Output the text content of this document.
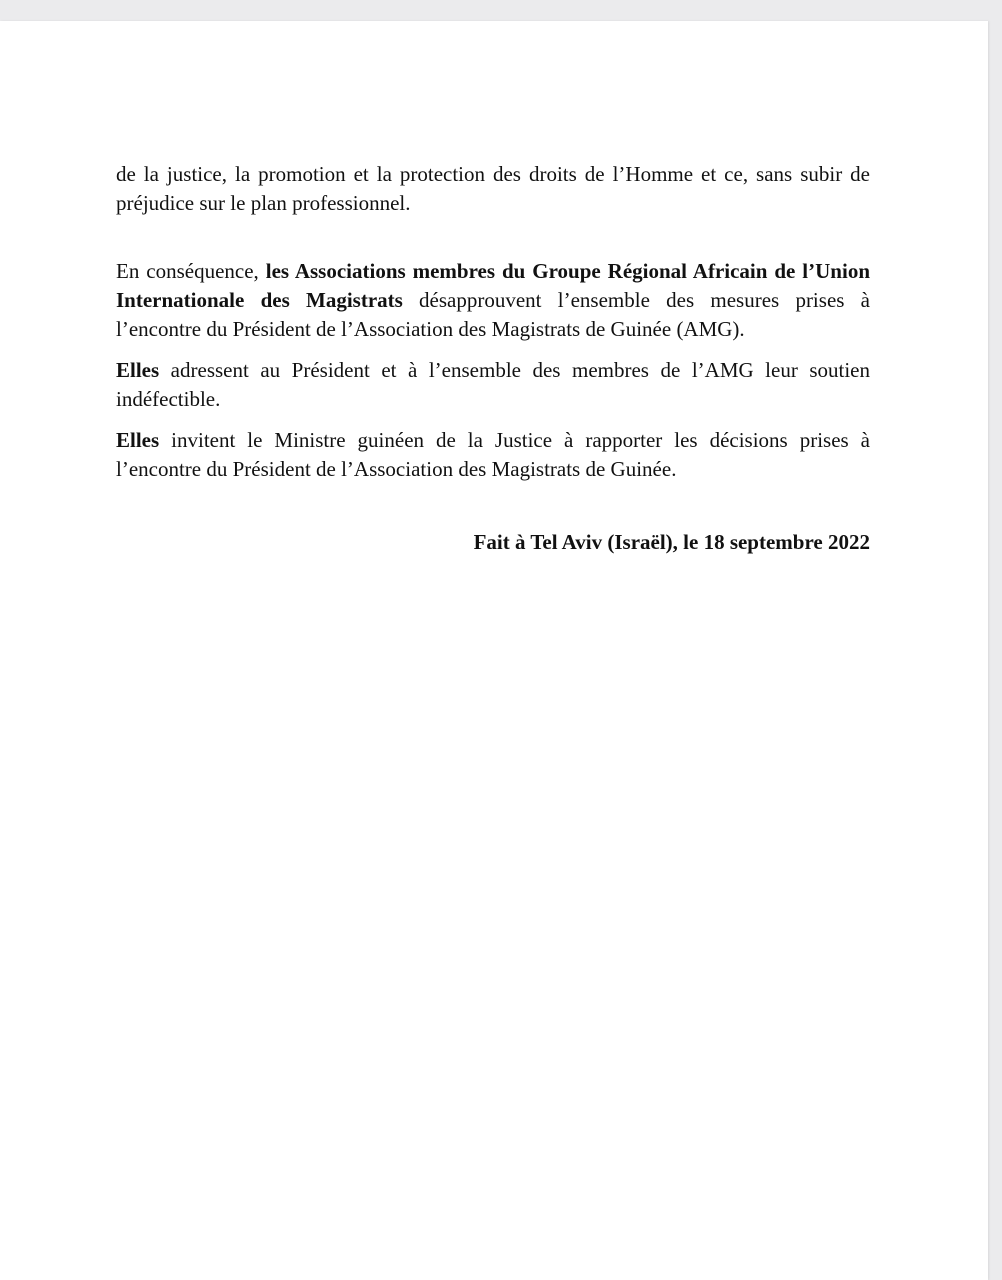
de la justice, la promotion et la protection des droits de l’Homme et ce, sans subir de préjudice sur le plan professionnel.

En conséquence, les Associations membres du Groupe Régional Africain de l’Union Internationale des Magistrats désapprouvent l’ensemble des mesures prises à l’encontre du Président de l’Association des Magistrats de Guinée (AMG).

Elles adressent au Président et à l’ensemble des membres de l’AMG leur soutien indéfectible.

Elles invitent le Ministre guinéen de la Justice à rapporter les décisions prises à l’encontre du Président de l’Association des Magistrats de Guinée.

Fait à Tel Aviv (Israël), le 18 septembre 2022
